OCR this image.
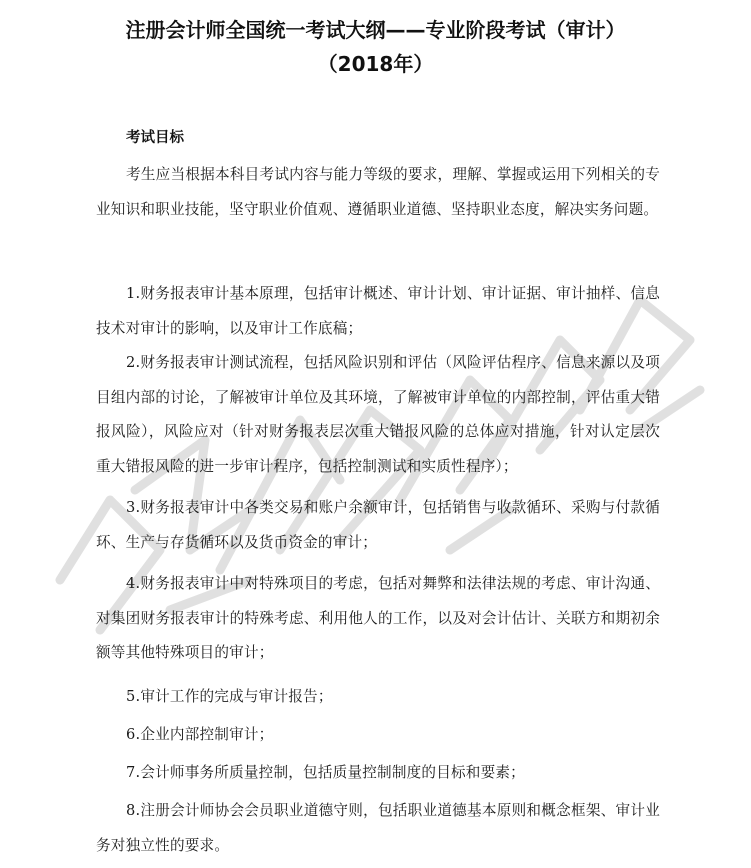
注册会计师全国统一考试大纲——专业阶段考试（审计）
（2018年）
考试目标

考生应当根据本科目考试内容与能力等级的要求，理解、掌握或运用下列相关的专业知识和职业技能，坚守职业价值观、遵循职业道德、坚持职业态度，解决实务问题。

1.财务报表审计基本原理，包括审计概述、审计计划、审计证据、审计抽样、信息技术对审计的影响，以及审计工作底稿；

2.财务报表审计测试流程，包括风险识别和评估（风险评估程序、信息来源以及项目组内部的讨论，了解被审计单位及其环境，了解被审计单位的内部控制，评估重大错报风险），风险应对（针对财务报表层次重大错报风险的总体应对措施，针对认定层次重大错报风险的进一步审计程序，包括控制测试和实质性程序）；

3.财务报表审计中各类交易和账户余额审计，包括销售与收款循环、采购与付款循环、生产与存货循环以及货币资金的审计；

4.财务报表审计中对特殊项目的考虑，包括对舞弊和法律法规的考虑、审计沟通、对集团财务报表审计的特殊考虑、利用他人的工作，以及对会计估计、关联方和期初余额等其他特殊项目的审计；

5.审计工作的完成与审计报告；

6.企业内部控制审计；

7.会计师事务所质量控制，包括质量控制制度的目标和要素；

8.注册会计师协会会员职业道德守则，包括职业道德基本原则和概念框架、审计业务对独立性的要求。
